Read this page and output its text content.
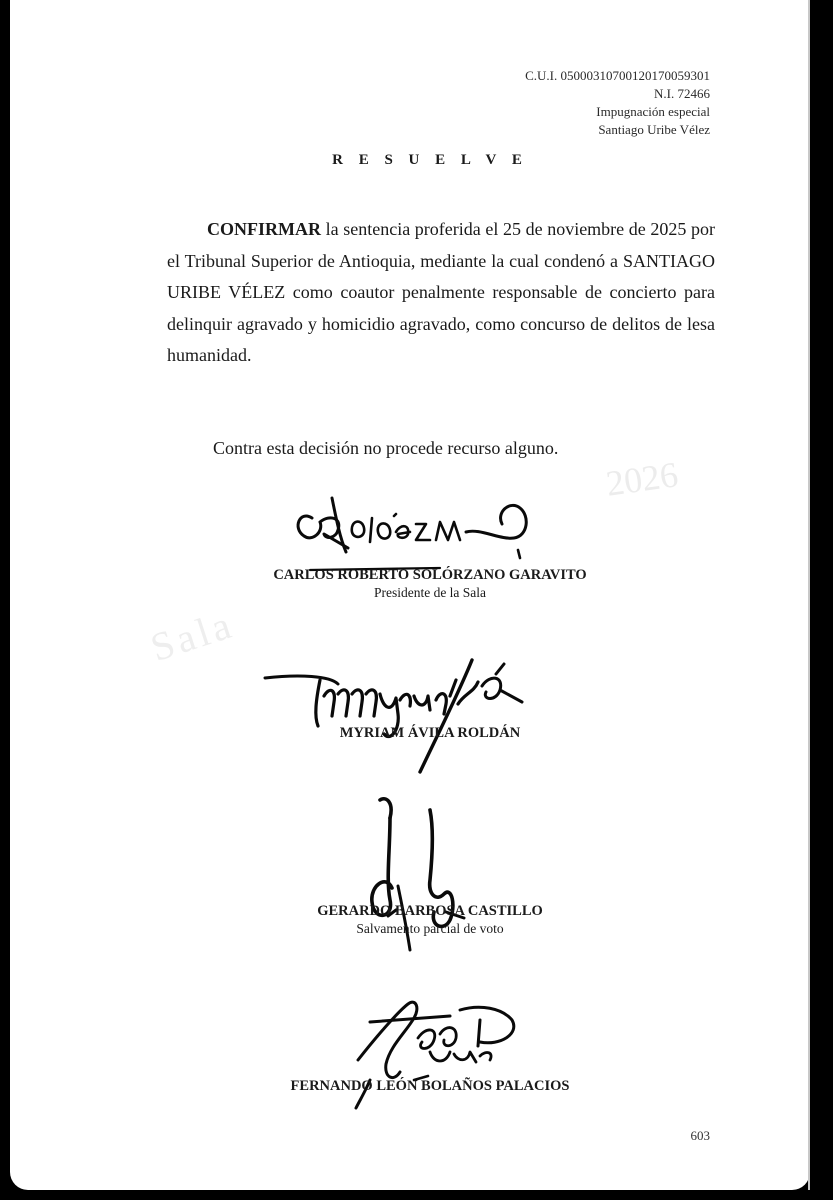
C.U.I. 05000310700120170059301
N.I. 72466
Impugnación especial
Santiago Uribe Vélez
R E S U E L V E
CONFIRMAR la sentencia proferida el 25 de noviembre de 2025 por el Tribunal Superior de Antioquia, mediante la cual condenó a SANTIAGO URIBE VÉLEZ como coautor penalmente responsable de concierto para delinquir agravado y homicidio agravado, como concurso de delitos de lesa humanidad.
Contra esta decisión no procede recurso alguno.
2026
Sala
CARLOS ROBERTO SOLÓRZANO GARAVITO
Presidente de la Sala
MYRIAM ÁVILA ROLDÁN
GERARDO BARBOSA CASTILLO
Salvamento parcial de voto
FERNANDO LEÓN BOLAÑOS PALACIOS
603
